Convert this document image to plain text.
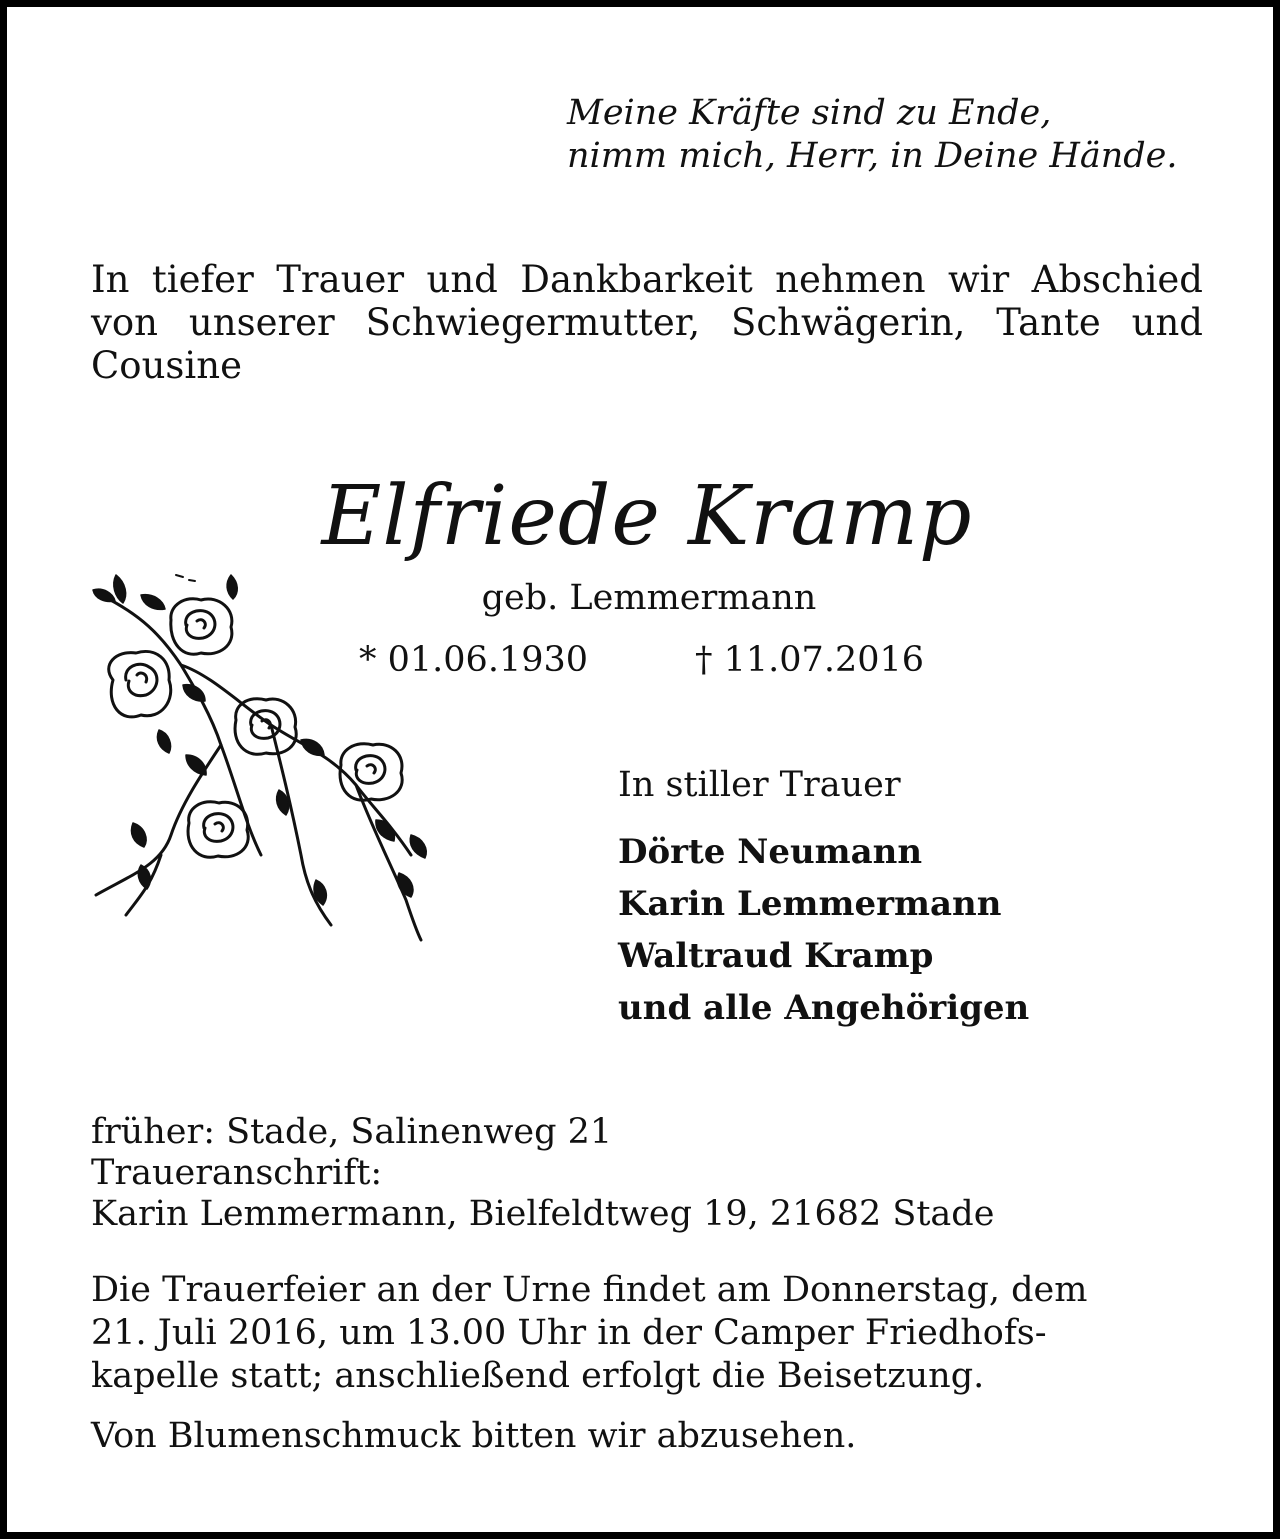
Meine Kräfte sind zu Ende,
nimm mich, Herr, in Deine Hände.
In tiefer Trauer und Dankbarkeit nehmen wir Abschied von unserer Schwiegermutter, Schwägerin, Tante und Cousine
Elfriede Kramp
geb. Lemmermann
* 01.06.1930	† 11.07.2016
In stiller Trauer
Dörte Neumann
Karin Lemmermann
Waltraud Kramp
und alle Angehörigen
früher: Stade, Salinenweg 21
Traueranschrift:
Karin Lemmermann, Bielfeldtweg 19, 21682 Stade
Die Trauerfeier an der Urne findet am Donnerstag, dem
21. Juli 2016, um 13.00 Uhr in der Camper Friedhofs-
kapelle statt; anschließend erfolgt die Beisetzung.
Von Blumenschmuck bitten wir abzusehen.
